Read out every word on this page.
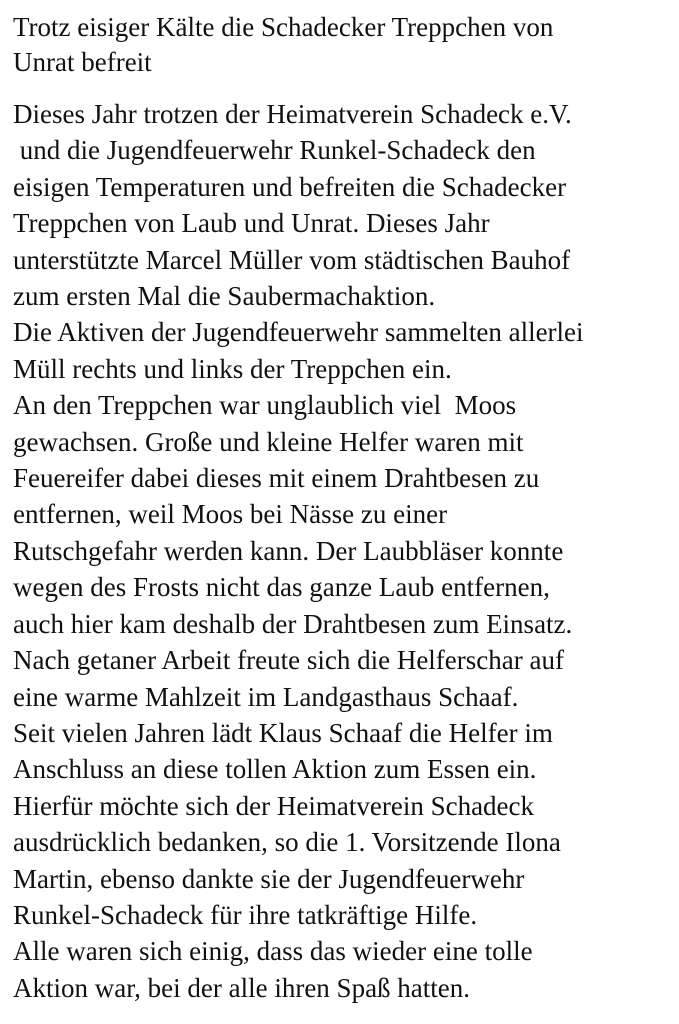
Trotz eisiger Kälte die Schadecker Treppchen von
Unrat befreit
Dieses Jahr trotzen der Heimatverein Schadeck e.V.
und die Jugendfeuerwehr Runkel-Schadeck den
eisigen Temperaturen und befreiten die Schadecker
Treppchen von Laub und Unrat. Dieses Jahr
unterstützte Marcel Müller vom städtischen Bauhof
zum ersten Mal die Saubermachaktion.
Die Aktiven der Jugendfeuerwehr sammelten allerlei
Müll rechts und links der Treppchen ein.
An den Treppchen war unglaublich viel  Moos
gewachsen. Große und kleine Helfer waren mit
Feuereifer dabei dieses mit einem Drahtbesen zu
entfernen, weil Moos bei Nässe zu einer
Rutschgefahr werden kann. Der Laubbläser konnte
wegen des Frosts nicht das ganze Laub entfernen,
auch hier kam deshalb der Drahtbesen zum Einsatz.
Nach getaner Arbeit freute sich die Helferschar auf
eine warme Mahlzeit im Landgasthaus Schaaf.
Seit vielen Jahren lädt Klaus Schaaf die Helfer im
Anschluss an diese tollen Aktion zum Essen ein.
Hierfür möchte sich der Heimatverein Schadeck
ausdrücklich bedanken, so die 1. Vorsitzende Ilona
Martin, ebenso dankte sie der Jugendfeuerwehr
Runkel-Schadeck für ihre tatkräftige Hilfe.
Alle waren sich einig, dass das wieder eine tolle
Aktion war, bei der alle ihren Spaß hatten.
